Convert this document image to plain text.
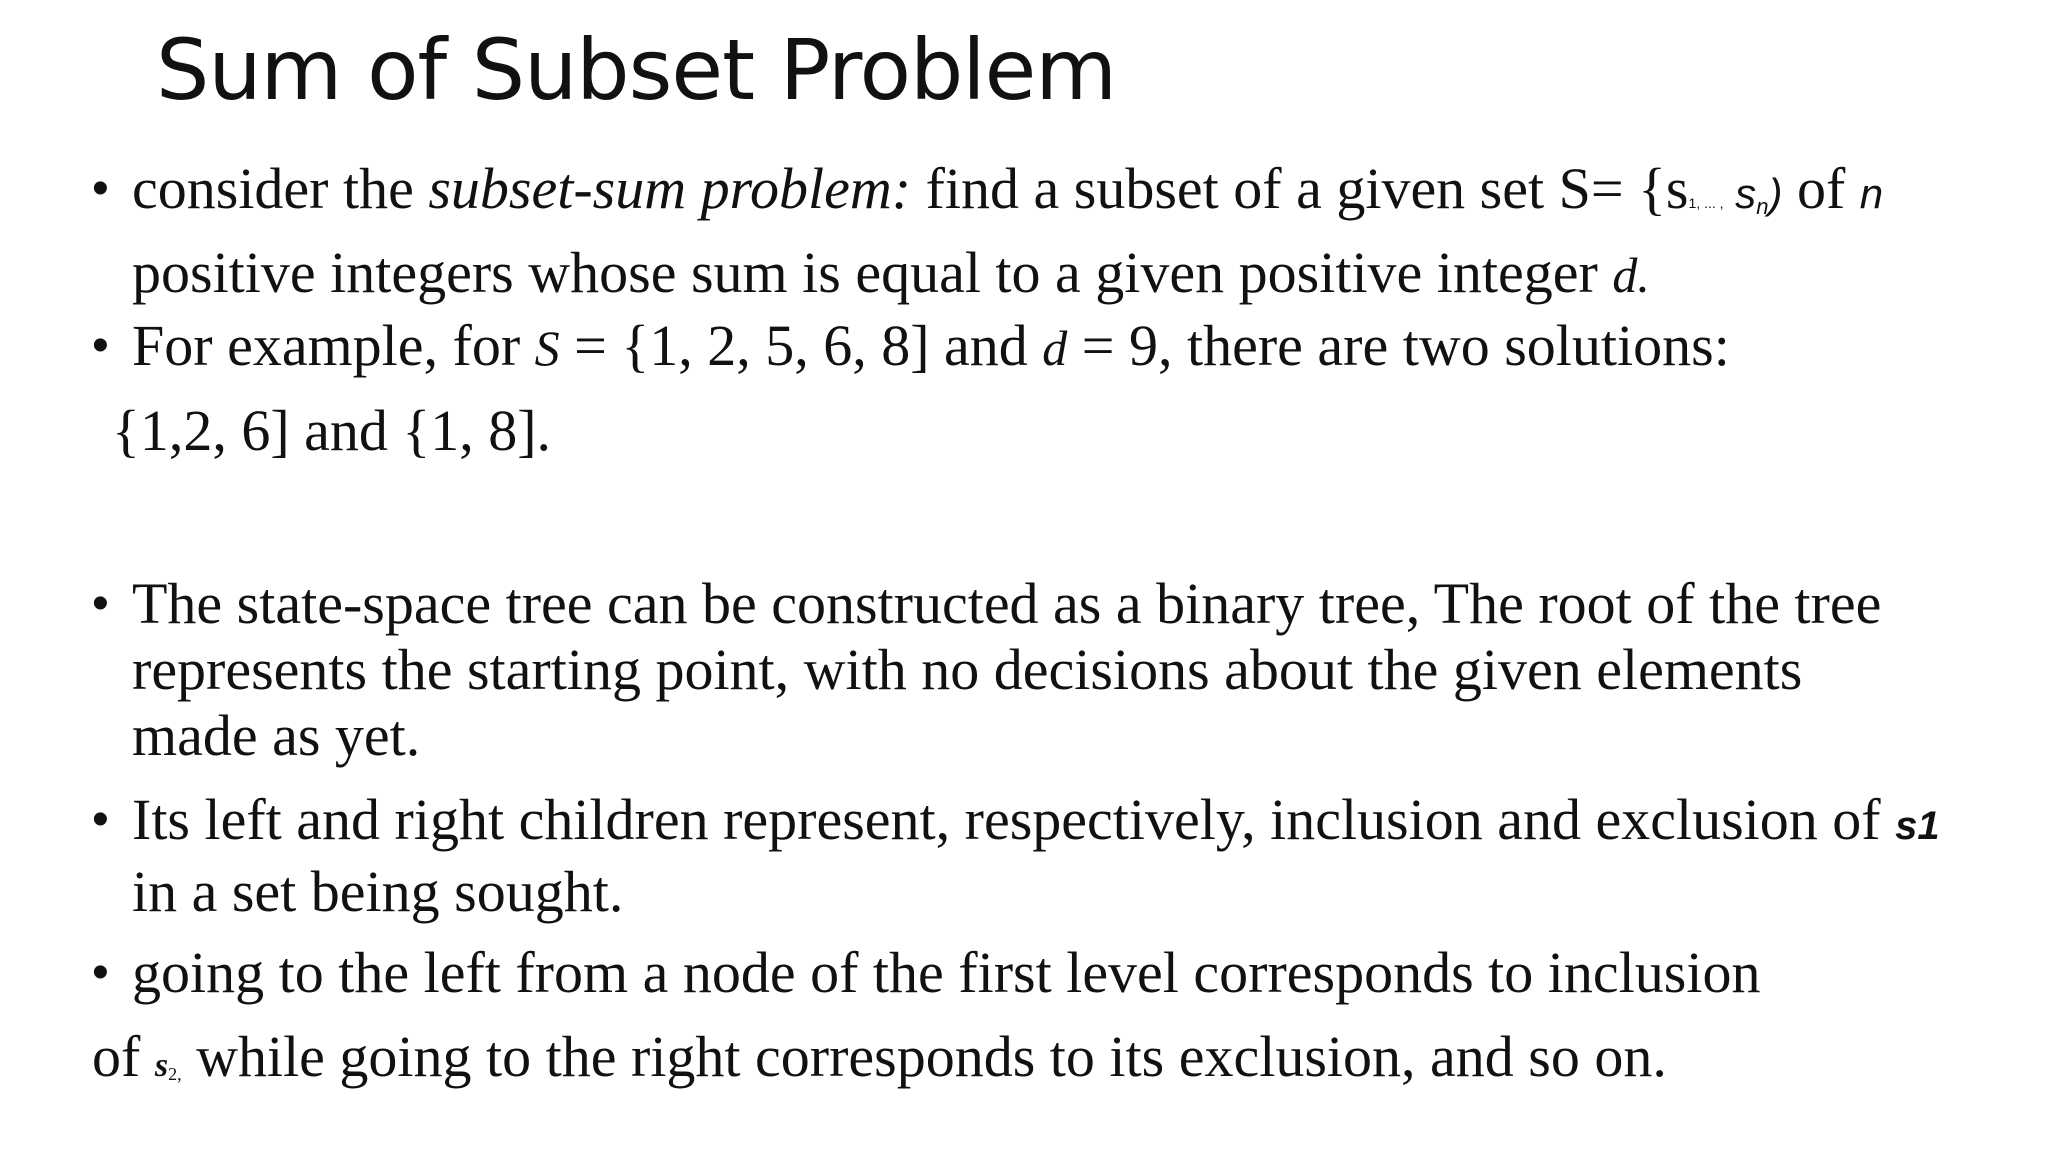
Sum of Subset Problem
• consider the subset-sum problem: find a subset of a given set S= {s1, ... , sn) of n
positive integers whose sum is equal to a given positive integer d.
• For example, for S = {1, 2, 5, 6, 8] and d = 9, there are two solutions:
{1,2, 6] and {1, 8].
• The state-space tree can be constructed as a binary tree, The root of the tree
represents the starting point, with no decisions about the given elements
made as yet.
• Its left and right children represent, respectively, inclusion and exclusion of s1
in a set being sought.
• going to the left from a node of the first level corresponds to inclusion
of s2, while going to the right corresponds to its exclusion, and so on.
